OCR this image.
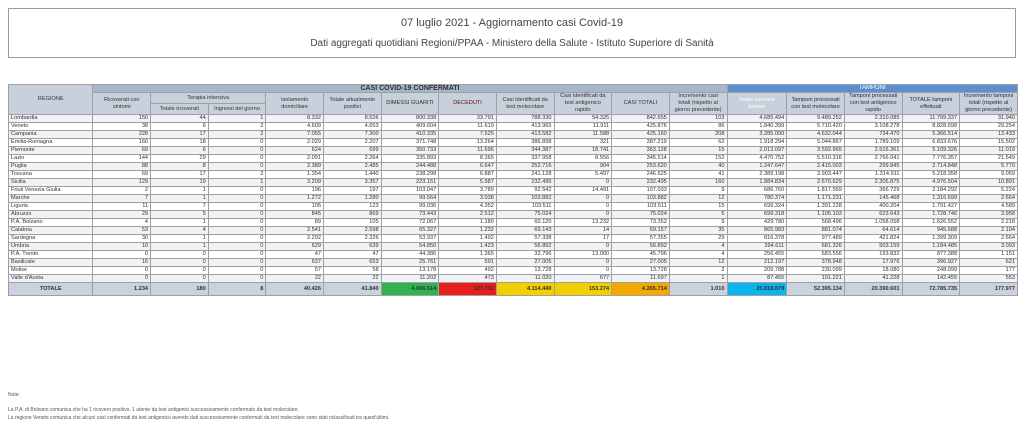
07 luglio 2021 - Aggiornamento casi Covid-19
Dati aggregati quotidiani Regioni/PPAA - Ministero della Salute - Istituto Superiore di Sanità
REGIONE	CASI COVID-19 CONFERMATI											TAMPONI				
	Ricoverati con sintomi	Terapia intensiva		Isolamento domiciliare	Totale attualmente positivi	DIMESSI GUARITI	DECEDUTI	Casi identificati da test molecolare	Casi identificati da test antigenico rapido	CASI TOTALI	Incremento casi totali (rispetto al giorno precedente)	Totale persone testate	Tamponi processati con test molecolare	Tamponi processati con test antigenico rapido	TOTALE tamponi effettuati	Incremento tamponi totali (rispetto al giorno precedente)
		Totale ricoverati	Ingressi del giorno													
Lombardia	150	44	1	8.332	8.526	800.338	33.791	788.330	54.325	842.655	103	4.685.494	9.489.252	2.310.085	11.799.337	31.940
Veneto	38	6	2	4.609	4.653	409.604	11.619	413.965	11.911	425.876	86	1.840.399	5.710.420	3.108.278	8.828.698	29.254
Campania	228	17	2	7.055	7.300	410.335	7.525	413.582	11.588	425.160	208	3.285.000	4.632.044	734.470	5.366.514	13.433
Emilia-Romagna	160	18	0	2.029	2.207	371.748	13.264	386.898	321	387.219	62	1.918.294	5.044.867	1.789.109	6.833.676	15.502
Piemonte	69	6	0	624	699	350.733	11.696	344.387	18.741	363.128	15	2.013.097	3.592.965	2.516.361	5.109.326	11.019
Lazio	144	29	0	2.091	2.264	335.893	8.365	337.958	8.556	346.514	152	4.470.752	5.510.316	2.766.041	7.776.357	21.549
Puglia	88	8	0	2.389	2.485	244.488	6.647	252.716	904	253.620	40	1.247.647	2.415.003	299.845	2.714.848	5.770
Toscana	69	17	2	1.354	1.440	238.298	6.887	241.128	5.497	246.625	41	2.389.198	3.903.447	1.314.911	5.218.358	9.059
Sicilia	129	19	1	3.209	3.357	223.151	5.987	232.495	0	232.495	160	1.884.834	2.670.629	2.305.875	4.976.504	10.891
Friuli Venezia Giulia	2	1	0	196	197	103.047	3.789	92.542	14.491	107.033	9	686.760	1.817.569	366.729	2.184.292	5.224
Marche	7	1	0	1.272	1.280	99.564	3.038	103.882	0	103.882	12	780.374	1.171.231	145.468	1.316.699	2.664
Liguria	11	7	0	105	123	99.036	4.352	103.511	0	103.511	15	699.324	1.391.228	400.204	1.791.427	4.589
Abruzzo	29	5	0	845	869	73.443	2.512	75.024	0	75.024	5	699.318	1.105.103	623.643	1.728.746	3.958
P.A. Bolzano	4	1	0	89	105	72.067	1.180	60.120	13.232	73.352	9	429.780	568.496	1.058.058	1.626.552	2.218
Calabria	53	4	0	2.541	2.598	65.327	1.232	69.143	14	69.157	35	865.983	881.074	64.614	945.688	2.104
Sardegna	30	1	0	2.292	2.326	53.937	1.492	57.338	17	57.355	29	816.378	977.489	421.824	1.399.309	2.664
Umbria	10	1	0	629	639	54.850	1.423	56.892	0	56.892	4	394.611	681.326	503.159	1.184.485	3.093
P.A. Trento	0	0	0	47	47	44.386	1.365	32.796	13.000	45.796	4	256.455	683.556	193.832	877.388	1.151
Basilicate	16	0	0	637	653	25.761	591	27.005	0	27.005	12	212.197	378.948	17.976	396.927	621
Molise	0	0	0	57	58	13.178	492	13.728	0	13.728	2	209.788	230.099	18.080	248.099	177
Valle d'Aosta	0	0	0	22	22	11.202	473	11.020	677	11.697	1	87.455	101.221	41.228	142.455	553
TOTALE	1.234	180	8	40.426	41.840	4.006.514	127.731	4.114.440	153.274	4.265.714	1.010	25.818.879	52.395.134	20.390.601	72.785.735	177.977
Note:
La P.A. di Bolzano comunica che ha 1 ricovero positivo. 1 utente da test antigenici successivamente confermato da test molecolare.
La regione Veneto comunica che alcuni casi confermati da test antigenico avendo dati successivamente confermati da test molecolare sono stati riclassificati tra quest'ultimi.
